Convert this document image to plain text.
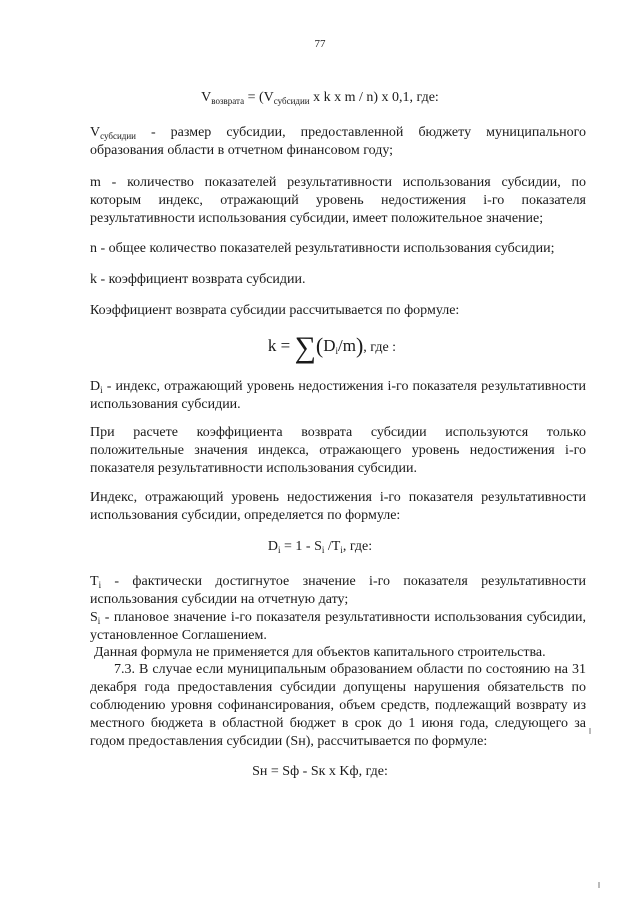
77
$V_{возврата} = (V_{субсидии}$ x k x m / n) x 0,1, где:
$V_{субсидии}$ - размер субсидии, предоставленной бюджету муниципального образования области в отчетном финансовом году;
m - количество показателей результативности использования субсидии, по которым индекс, отражающий уровень недостижения i-го показателя результативности использования субсидии, имеет положительное значение;
n - общее количество показателей результативности использования субсидии;
k - коэффициент возврата субсидии.
Коэффициент возврата субсидии рассчитывается по формуле:
$k = \sum(D_i/m)$, где :
$D_i$ - индекс, отражающий уровень недостижения i-го показателя результативности использования субсидии.
При расчете коэффициента возврата субсидии используются только положительные значения индекса, отражающего уровень недостижения i-го показателя результативности использования субсидии.
Индекс, отражающий уровень недостижения i-го показателя результативности использования субсидии, определяется по формуле:
$D_i = 1 - S_i$ $/T_i$, где:
$T_i$ - фактически достигнутое значение i-го показателя результативности использования субсидии на отчетную дату;
$S_i$ - плановое значение i-го показателя результативности использования субсидии, установленное Соглашением.
Данная формула не применяется для объектов капитального строительства.
7.3. В случае если муниципальным образованием области по состоянию на 31 декабря года предоставления субсидии допущены нарушения обязательств по соблюдению уровня софинансирования, объем средств, подлежащий возврату из местного бюджета в областной бюджет в срок до 1 июня года, следующего за годом предоставления субсидии (Sн), рассчитывается по формуле:
Sн = Sф - Sк x Kф, где:
